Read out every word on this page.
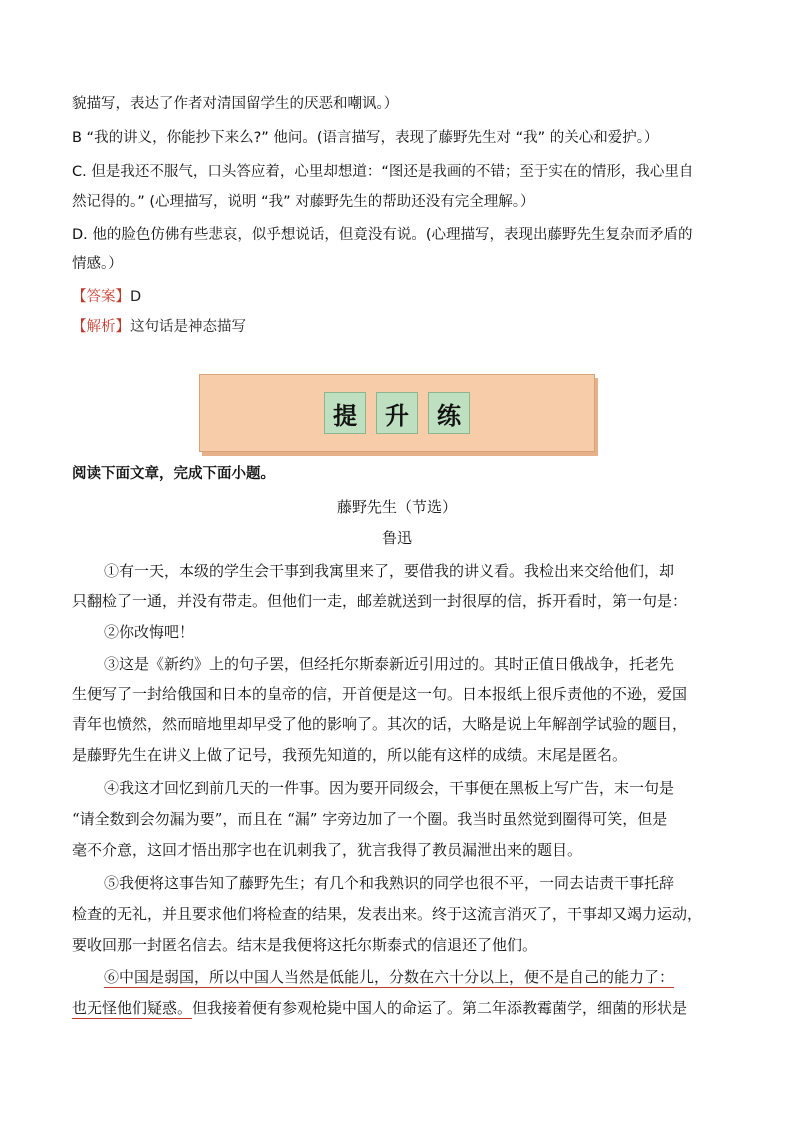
貌描写，表达了作者对清国留学生的厌恶和嘲讽。）
B “我的讲义，你能抄下来么?” 他问。(语言描写，表现了藤野先生对 “我” 的关心和爱护。）
C. 但是我还不服气，口头答应着，心里却想道：“图还是我画的不错；至于实在的情形，我心里自
然记得的。” (心理描写，说明 “我” 对藤野先生的帮助还没有完全理解。）
D. 他的脸色仿佛有些悲哀，似乎想说话，但竟没有说。(心理描写，表现出藤野先生复杂而矛盾的
情感。）
【答案】D
【解析】这句话是神态描写
提	升	练
阅读下面文章，完成下面小题。
藤野先生（节选）
鲁迅
①有一天，本级的学生会干事到我寓里来了，要借我的讲义看。我检出来交给他们，却
只翻检了一通，并没有带走。但他们一走，邮差就送到一封很厚的信，拆开看时，第一句是：
②你改悔吧！
③这是《新约》上的句子罢，但经托尔斯泰新近引用过的。其时正值日俄战争，托老先
生便写了一封给俄国和日本的皇帝的信，开首便是这一句。日本报纸上很斥责他的不逊，爱国
青年也愤然，然而暗地里却早受了他的影响了。其次的话，大略是说上年解剖学试验的题目，
是藤野先生在讲义上做了记号，我预先知道的，所以能有这样的成绩。末尾是匿名。
④我这才回忆到前几天的一件事。因为要开同级会，干事便在黑板上写广告，末一句是
“请全数到会勿漏为要”，而且在 “漏” 字旁边加了一个圈。我当时虽然觉到圈得可笑，但是
毫不介意，这回才悟出那字也在讥刺我了，犹言我得了教员漏泄出来的题目。
⑤我便将这事告知了藤野先生；有几个和我熟识的同学也很不平，一同去诘责干事托辞
检查的无礼，并且要求他们将检查的结果，发表出来。终于这流言消灭了，干事却又竭力运动，
要收回那一封匿名信去。结末是我便将这托尔斯泰式的信退还了他们。
⑥中国是弱国，所以中国人当然是低能儿，分数在六十分以上，便不是自己的能力了：
也无怪他们疑惑。但我接着便有参观枪毙中国人的命运了。第二年添教霉菌学，细菌的形状是
